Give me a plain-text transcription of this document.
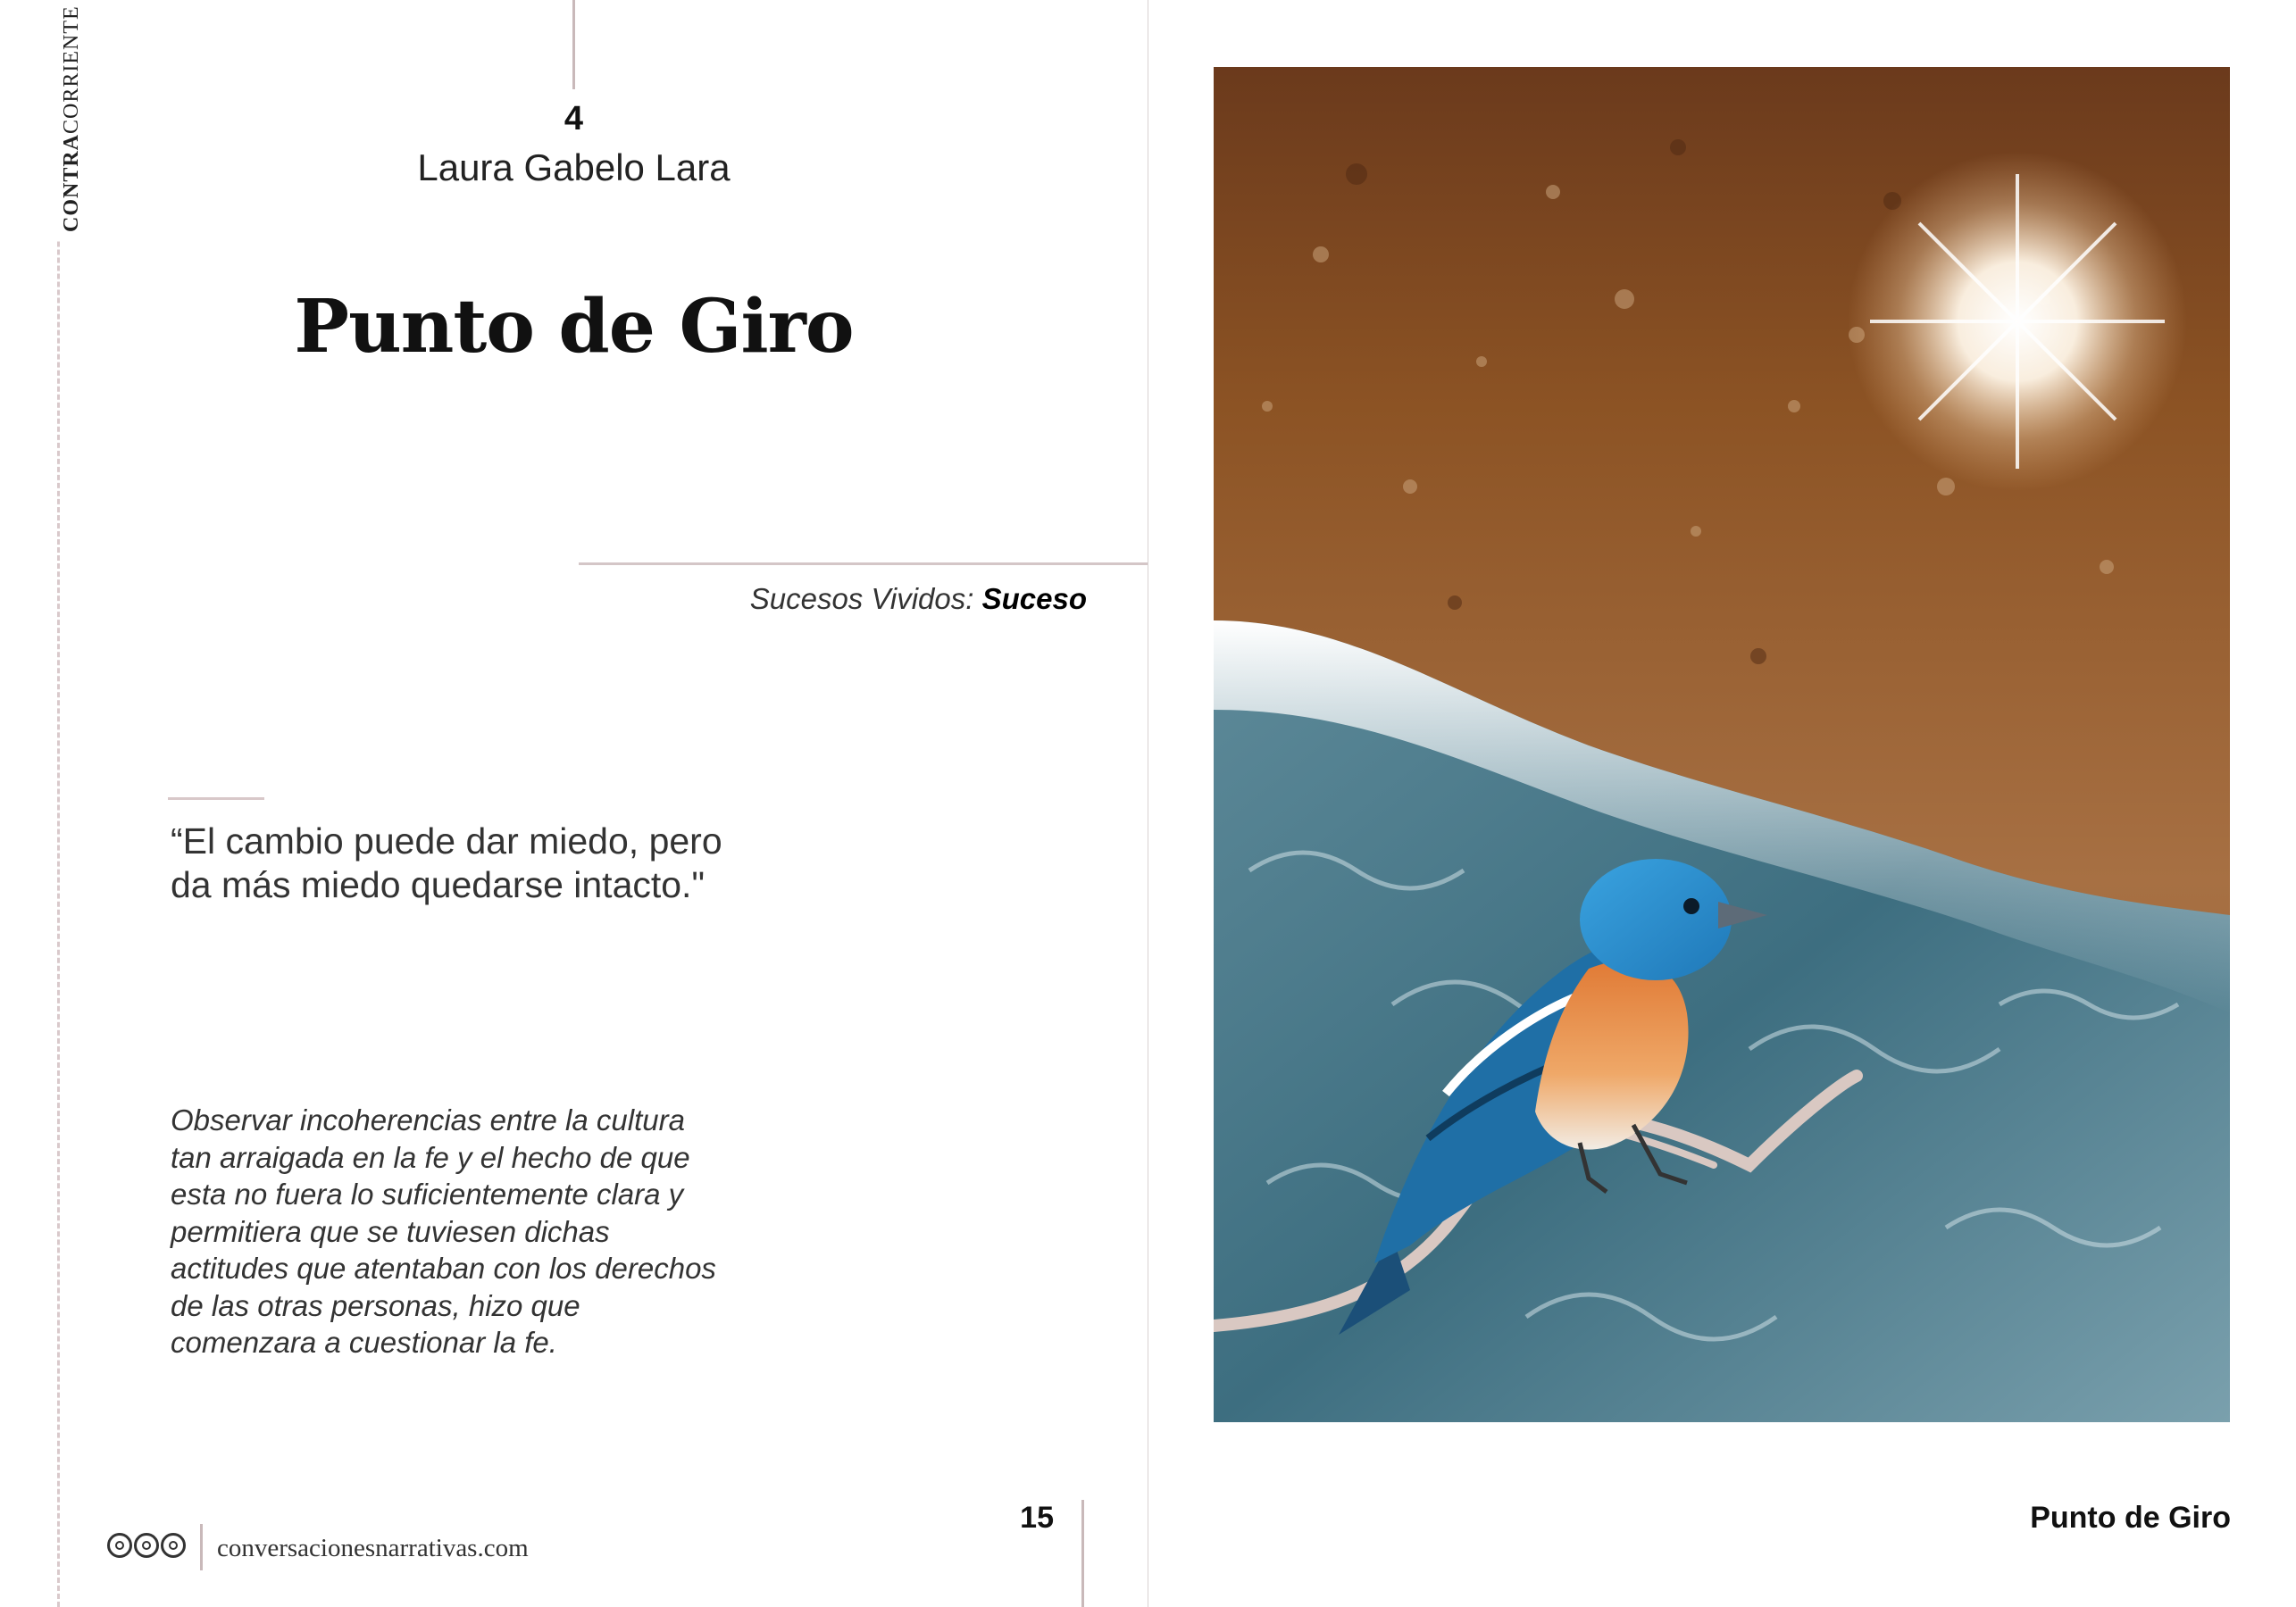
CONTRA
CORRIENTE	4
Laura Gabelo Lara
Punto de Giro
Sucesos Vividos: Suceso
“El cambio puede dar miedo, pero da más miedo quedarse intacto."
Observar incoherencias entre la cultura tan arraigada en la fe y el hecho de que esta no fuera lo suficientemente clara y permitiera que se tuviesen dichas actitudes que atentaban con los derechos de las otras personas, hizo que comenzara a cuestionar la fe.
conversacionesnarrativas.com
15	Punto de Giro
